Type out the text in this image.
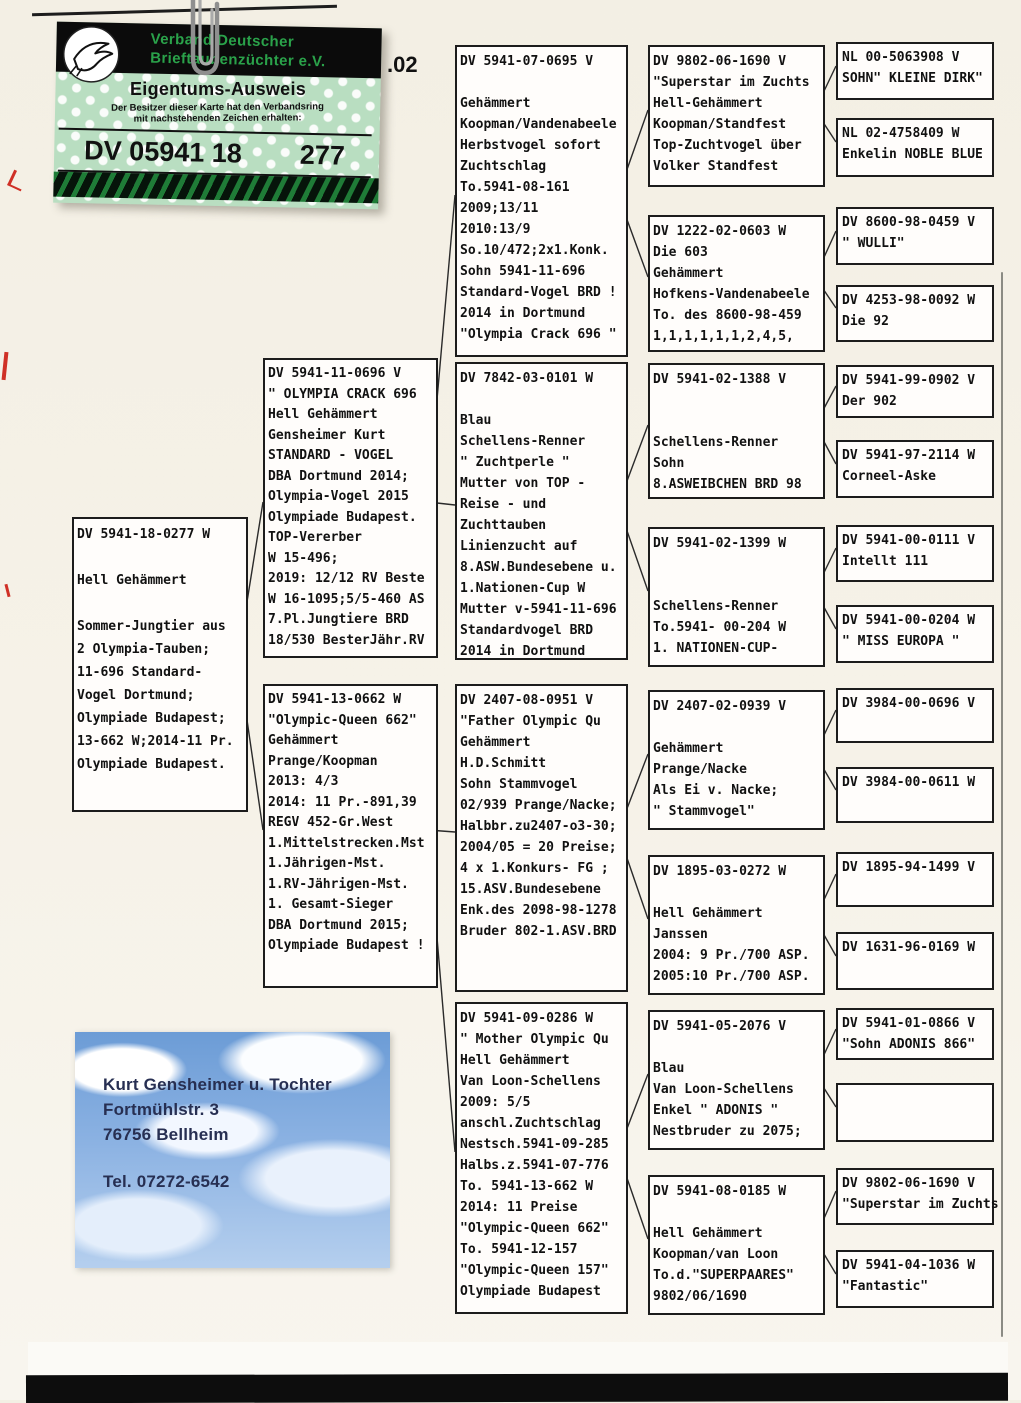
.02
DV 5941-18-0277 W

Hell Gehämmert

Sommer-Jungtier aus
2 Olympia-Tauben;
11-696 Standard-
Vogel Dortmund;
Olympiade Budapest;
13-662 W;2014-11 Pr.
Olympiade Budapest.
DV 5941-11-0696 V
" OLYMPIA CRACK 696
Hell Gehämmert
Gensheimer Kurt
STANDARD - VOGEL
DBA Dortmund 2014;
Olympia-Vogel 2015
Olympiade Budapest.
TOP-Vererber
W 15-496;
2019: 12/12 RV Beste
W 16-1095;5/5-460 AS
7.Pl.Jungtiere BRD
18/530 BesterJähr.RV
DV 5941-13-0662 W
"Olympic-Queen 662"
Gehämmert
Prange/Koopman
2013: 4/3
2014: 11 Pr.-891,39
REGV 452-Gr.West
1.Mittelstrecken.Mst
1.Jährigen-Mst.
1.RV-Jährigen-Mst.
1. Gesamt-Sieger
DBA Dortmund 2015;
Olympiade Budapest !
DV 5941-07-0695 V

Gehämmert
Koopman/Vandenabeele
Herbstvogel sofort
Zuchtschlag
To.5941-08-161
2009;13/11
2010:13/9
So.10/472;2x1.Konk.
Sohn 5941-11-696
Standard-Vogel BRD !
2014 in Dortmund
"Olympia Crack 696 "
DV 7842-03-0101 W

Blau
Schellens-Renner
" Zuchtperle "
Mutter von TOP -
Reise - und
Zuchttauben
Linienzucht auf
8.ASW.Bundesebene u.
1.Nationen-Cup W
Mutter v-5941-11-696
Standardvogel BRD
2014 in Dortmund
DV 2407-08-0951 V
"Father Olympic Qu
Gehämmert
H.D.Schmitt
Sohn Stammvogel
02/939 Prange/Nacke;
Halbbr.zu2407-o3-30;
2004/05 = 20 Preise;
4 x 1.Konkurs- FG ;
15.ASV.Bundesebene
Enk.des 2098-98-1278
Bruder 802-1.ASV.BRD
DV 5941-09-0286 W
" Mother Olympic Qu
Hell Gehämmert
Van Loon-Schellens
2009: 5/5
anschl.Zuchtschlag
Nestsch.5941-09-285
Halbs.z.5941-07-776
To. 5941-13-662 W
2014: 11 Preise
"Olympic-Queen 662"
To. 5941-12-157
"Olympic-Queen 157"
Olympiade Budapest
DV 9802-06-1690 V
"Superstar im Zuchts
Hell-Gehämmert
Koopman/Standfest
Top-Zuchtvogel über
Volker Standfest
DV 1222-02-0603 W
Die 603
Gehämmert
Hofkens-Vandenabeele
To. des 8600-98-459
1,1,1,1,1,1,2,4,5,
DV 5941-02-1388 V

Schellens-Renner
Sohn
8.ASWEIBCHEN BRD 98
DV 5941-02-1399 W

Schellens-Renner
To.5941- 00-204 W
1. NATIONEN-CUP-
DV 2407-02-0939 V

Gehämmert
Prange/Nacke
Als Ei v. Nacke;
" Stammvogel"
DV 1895-03-0272 W

Hell Gehämmert
Janssen
2004: 9 Pr./700 ASP.
2005:10 Pr./700 ASP.
DV 5941-05-2076 V

Blau
Van Loon-Schellens
Enkel " ADONIS "
Nestbruder zu 2075;
DV 5941-08-0185 W

Hell Gehämmert
Koopman/van Loon
To.d."SUPERPAARES"
9802/06/1690
NL 00-5063908 V
SOHN" KLEINE DIRK"
NL 02-4758409 W
Enkelin NOBLE BLUE
DV 8600-98-0459 V
" WULLI"
DV 4253-98-0092 W
Die 92
DV 5941-99-0902 V
Der 902
DV 5941-97-2114 W
Corneel-Aske
DV 5941-00-0111 V
Intellt 111
DV 5941-00-0204 W
" MISS EUROPA "
DV 3984-00-0696 V
DV 3984-00-0611 W
DV 1895-94-1499 V
DV 1631-96-0169 W
DV 5941-01-0866 V
"Sohn ADONIS 866"

DV 9802-06-1690 V
"Superstar im Zuchts
DV 5941-04-1036 W
"Fantastic"
Verband Deutscher
Brieftaubenzüchter e.V.
Eigentums-Ausweis
Der Besitzer dieser Karte hat den Verbandsring
mit nachstehenden Zeichen erhalten:
DV 05941 18 277
Kurt Gensheimer u. Tochter
Fortmühlstr. 3
76756 Bellheim
Tel. 07272-6542
